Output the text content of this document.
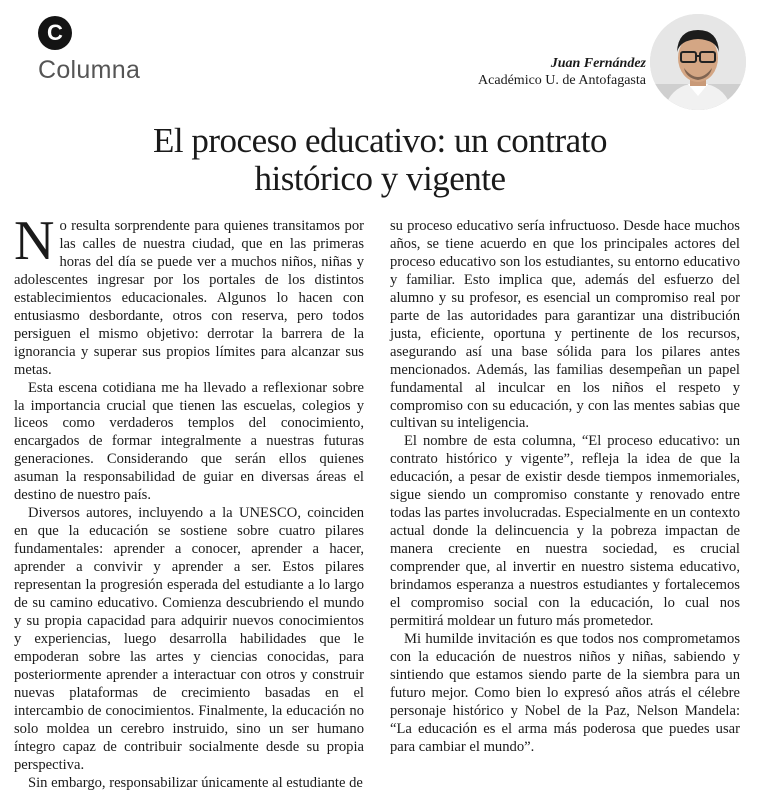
C
Columna	Juan Fernández
Académico U. de Antofagasta
El proceso educativo: un contrato
histórico y vigente

No resulta sorprendente para quienes transitamos por las calles de nuestra ciudad, que en las primeras horas del día se puede ver a muchos niños, niñas y adolescentes ingresar por los portales de los distintos establecimientos educacionales. Algunos lo hacen con entusiasmo desbordante, otros con reserva, pero todos persiguen el mismo objetivo: derrotar la barrera de la ignorancia y superar sus propios límites para alcanzar sus metas.

Esta escena cotidiana me ha llevado a reflexionar sobre la importancia crucial que tienen las escuelas, colegios y liceos como verdaderos templos del conocimiento, encargados de formar integralmente a nuestras futuras generaciones. Considerando que serán ellos quienes asuman la responsabilidad de guiar en diversas áreas el destino de nuestro país.

Diversos autores, incluyendo a la UNESCO, coinciden en que la educación se sostiene sobre cuatro pilares fundamentales: aprender a conocer, aprender a hacer, aprender a convivir y aprender a ser. Estos pilares representan la progresión esperada del estudiante a lo largo de su camino educativo. Comienza descubriendo el mundo y su propia capacidad para adquirir nuevos conocimientos y experiencias, luego desarrolla habilidades que le empoderan sobre las artes y ciencias conocidas, para posteriormente aprender a interactuar con otros y construir nuevas plataformas de crecimiento basadas en el intercambio de conocimientos. Finalmente, la educación no solo moldea un cerebro instruido, sino un ser humano íntegro capaz de contribuir socialmente desde su propia perspectiva.

Sin embargo, responsabilizar únicamente al estudiante de

su proceso educativo sería infructuoso. Desde hace muchos años, se tiene acuerdo en que los principales actores del proceso educativo son los estudiantes, su entorno educativo y familiar. Esto implica que, además del esfuerzo del alumno y su profesor, es esencial un compromiso real por parte de las autoridades para garantizar una distribución justa, eficiente, oportuna y pertinente de los recursos, asegurando así una base sólida para los pilares antes mencionados. Además, las familias desempeñan un papel fundamental al inculcar en los niños el respeto y compromiso con su educación, y con las mentes sabias que cultivan su inteligencia.

El nombre de esta columna, “El proceso educativo: un contrato histórico y vigente”, refleja la idea de que la educación, a pesar de existir desde tiempos inmemoriales, sigue siendo un compromiso constante y renovado entre todas las partes involucradas. Especialmente en un contexto actual donde la delincuencia y la pobreza impactan de manera creciente en nuestra sociedad, es crucial comprender que, al invertir en nuestro sistema educativo, brindamos esperanza a nuestros estudiantes y fortalecemos el compromiso social con la educación, lo cual nos permitirá moldear un futuro más prometedor.

Mi humilde invitación es que todos nos comprometamos con la educación de nuestros niños y niñas, sabiendo y sintiendo que estamos siendo parte de la siembra para un futuro mejor. Como bien lo expresó años atrás el célebre personaje histórico y Nobel de la Paz, Nelson Mandela: “La educación es el arma más poderosa que puedes usar para cambiar el mundo”.
